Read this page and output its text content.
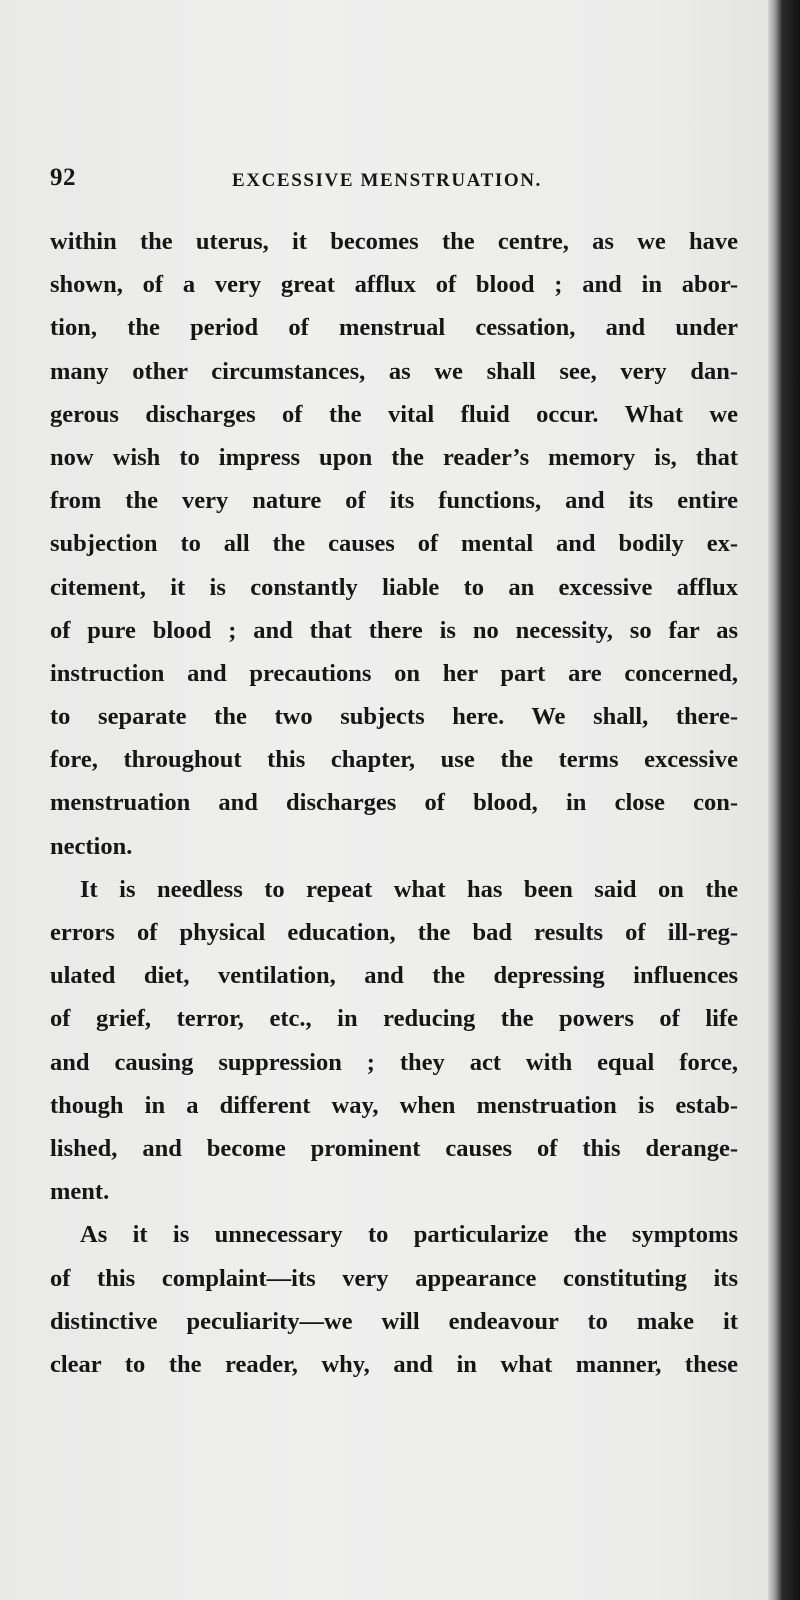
92	EXCESSIVE MENSTRUATION.
within the uterus, it becomes the centre, as we have
shown, of a very great afflux of blood ; and in abor-
tion, the period of menstrual cessation, and under
many other circumstances, as we shall see, very dan-
gerous discharges of the vital fluid occur. What we
now wish to impress upon the reader’s memory is, that
from the very nature of its functions, and its entire
subjection to all the causes of mental and bodily ex-
citement, it is constantly liable to an excessive afflux
of pure blood ; and that there is no necessity, so far as
instruction and precautions on her part are concerned,
to separate the two subjects here. We shall, there-
fore, throughout this chapter, use the terms excessive
menstruation and discharges of blood, in close con-
nection.
It is needless to repeat what has been said on the
errors of physical education, the bad results of ill-reg-
ulated diet, ventilation, and the depressing influences
of grief, terror, etc., in reducing the powers of life
and causing suppression ; they act with equal force,
though in a different way, when menstruation is estab-
lished, and become prominent causes of this derange-
ment.
As it is unnecessary to particularize the symptoms
of this complaint—its very appearance constituting its
distinctive peculiarity—we will endeavour to make it
clear to the reader, why, and in what manner, these
